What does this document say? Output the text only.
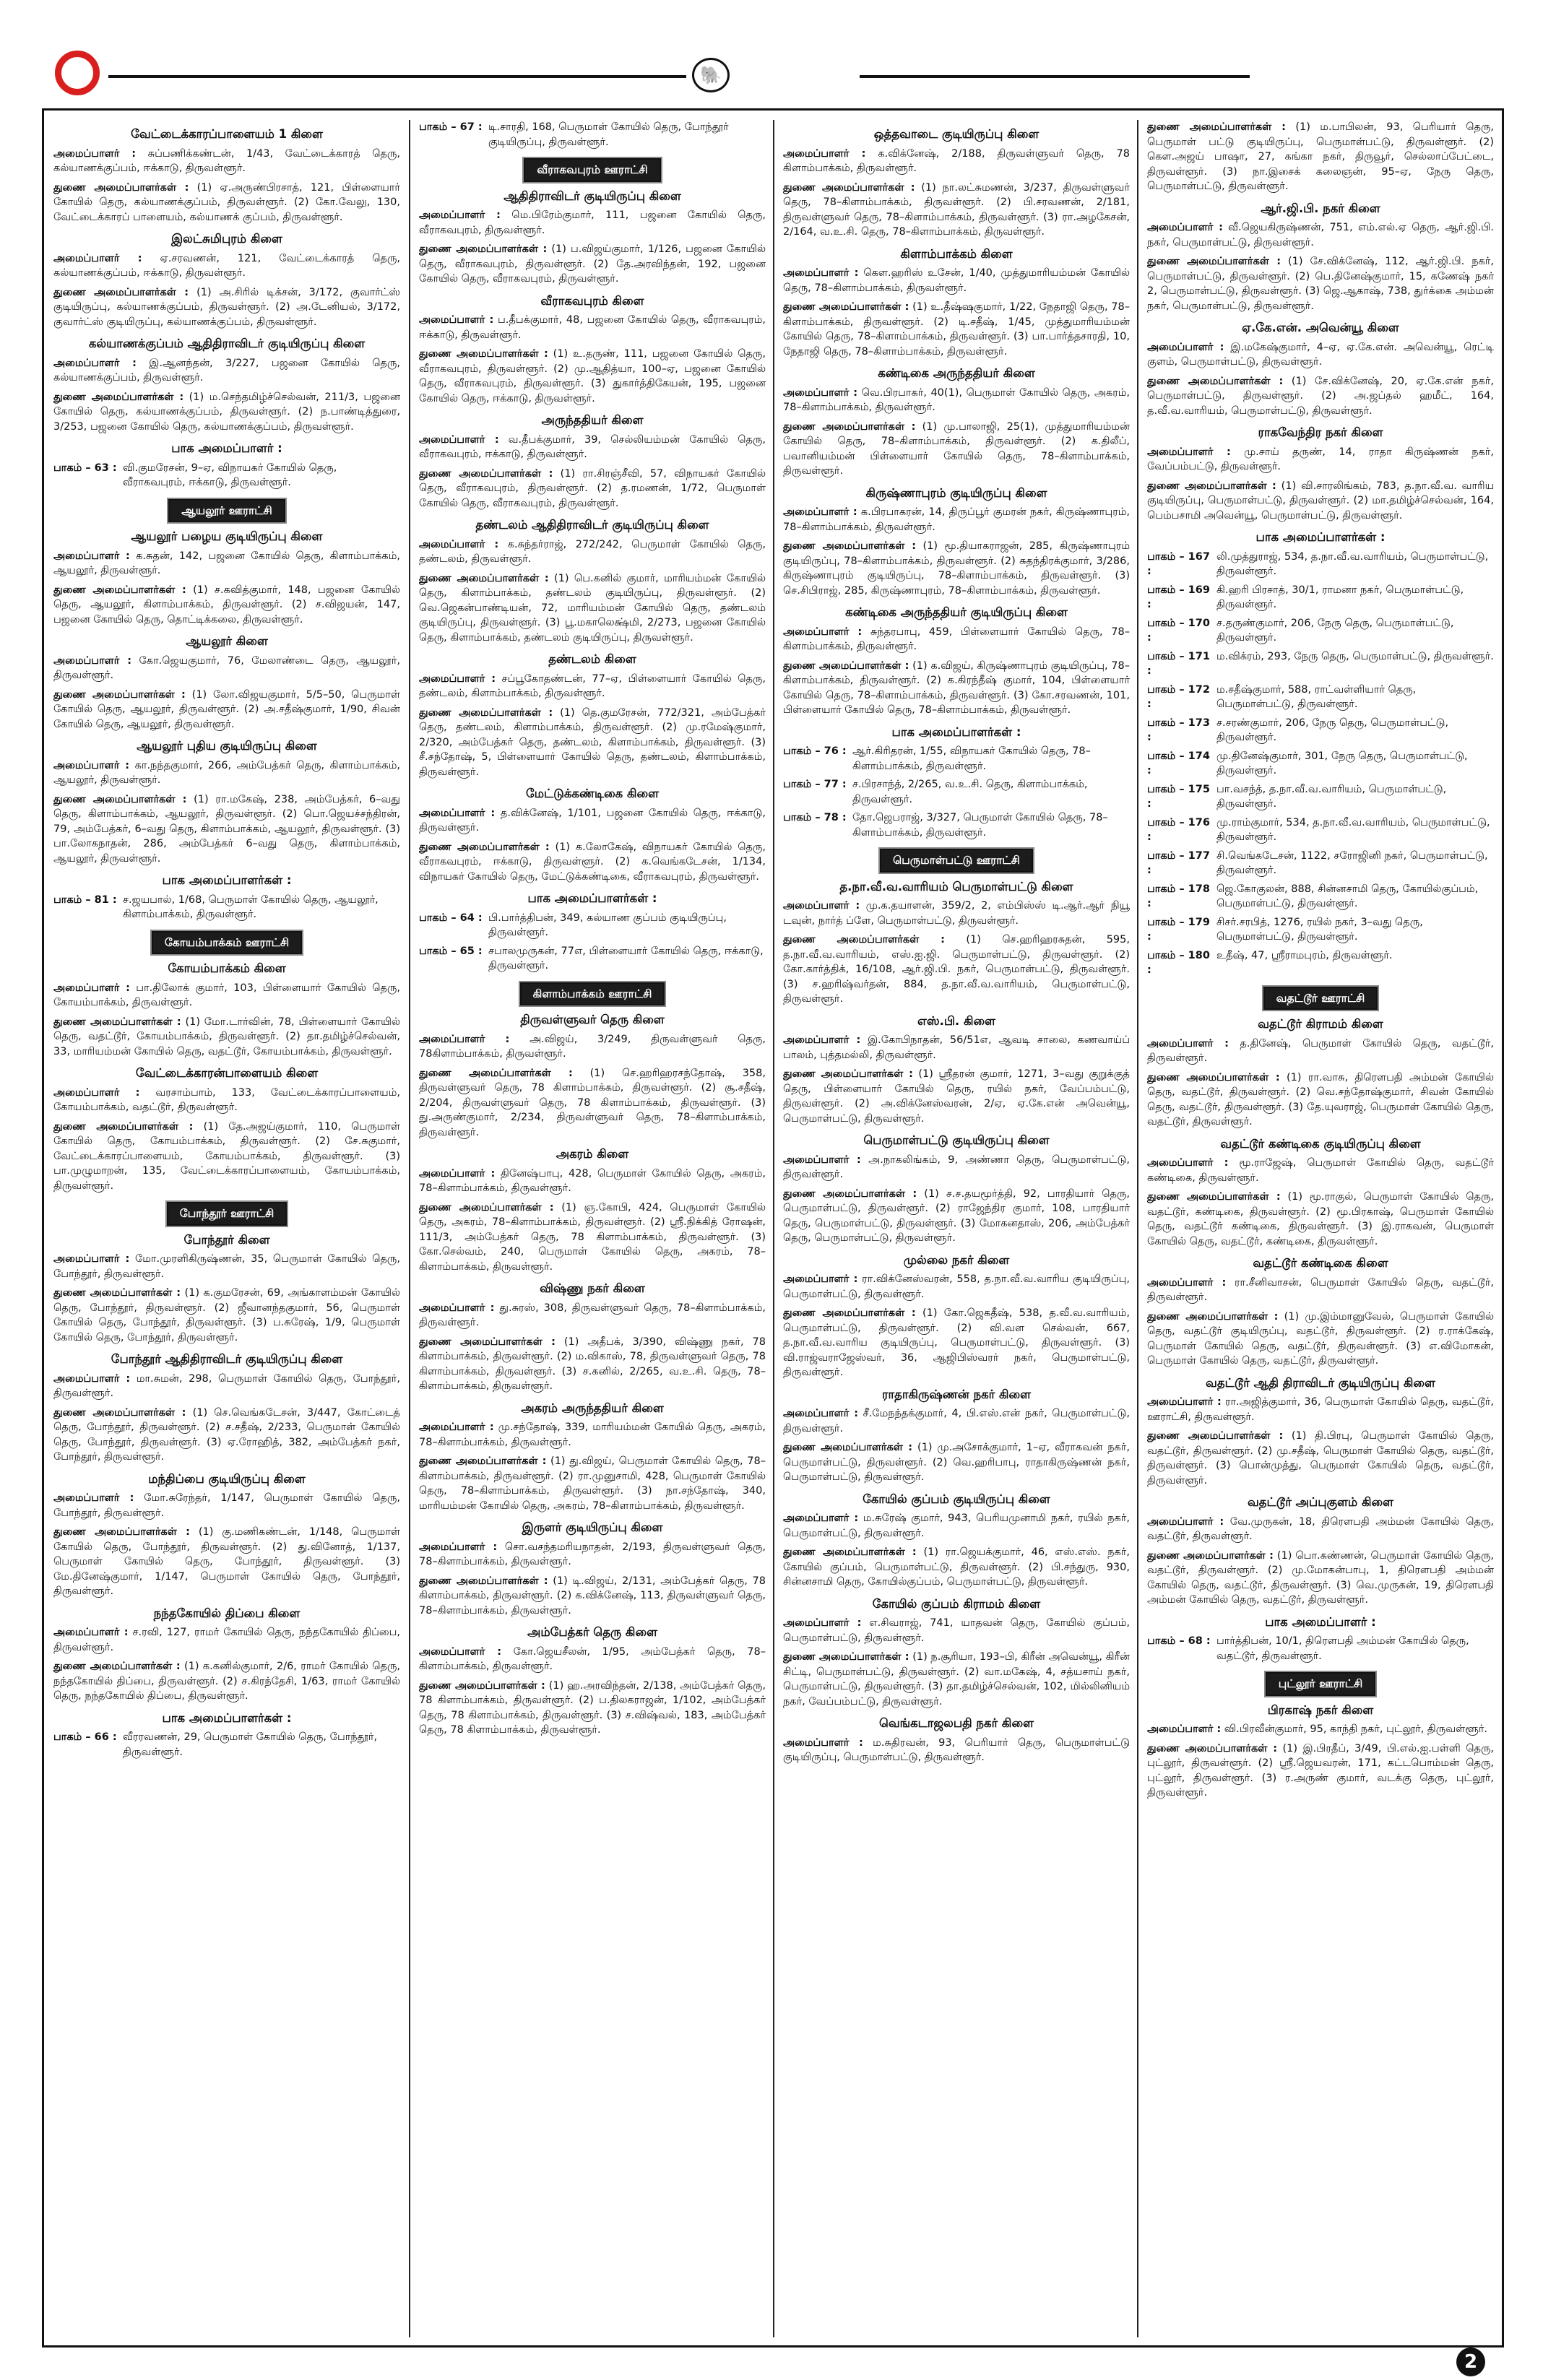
🐘
வேட்டைக்காரப்பாளையம் 1 கிளை

அமைப்பாளர் : சுப்பணிக்கண்டன், 1/43, வேட்டைக்காரத் தெரு, கல்யாணக்குப்பம், ஈக்காடு, திருவள்ளூர்.

துணை அமைப்பாளர்கள் : (1) ஏ.அருண்பிரசாத், 121, பிள்ளையார் கோயில் தெரு, கல்யாணக்குப்பம், திருவள்ளூர். (2) கோ.வேலு, 130, வேட்டைக்காரப் பாளையம், கல்யாணக் குப்பம், திருவள்ளூர்.

இலட்சுமிபுரம் கிளை

அமைப்பாளர் : ஏ.சரவணன், 121, வேட்டைக்காரத் தெரு, கல்யாணக்குப்பம், ஈக்காடு, திருவள்ளூர்.

துணை அமைப்பாளர்கள் : (1) அ.சிரில் டிக்சன், 3/172, குவார்ட்ஸ் குடியிருப்பு, கல்யாணக்குப்பம், திருவள்ளூர். (2) அ.டேனியல், 3/172, குவார்ட்ஸ் குடியிருப்பு, கல்யாணக்குப்பம், திருவள்ளூர்.

கல்யாணக்குப்பம் ஆதிதிராவிடர் குடியிருப்பு கிளை

அமைப்பாளர் : இ.ஆனந்தன், 3/227, பஜனை கோயில் தெரு, கல்யாணக்குப்பம், திருவள்ளூர்.

துணை அமைப்பாளர்கள் : (1) ம.செந்தமிழ்ச்செல்வன், 211/3, பஜனை கோயில் தெரு, கல்யாணக்குப்பம், திருவள்ளூர். (2) ந.பாண்டித்துரை, 3/253, பஜனை கோயில் தெரு, கல்யாணக்குப்பம், திருவள்ளூர்.

பாக அமைப்பாளர் :
பாகம் – 63 : வி.குமரேசன், 9–ஏ, விநாயகர் கோயில் தெரு, வீராகவபுரம், ஈக்காடு, திருவள்ளூர்.
ஆயலூர் ஊராட்சி
ஆயலூர் பழைய குடியிருப்பு கிளை

அமைப்பாளர் : க.சுதன், 142, பஜனை கோயில் தெரு, கிளாம்பாக்கம், ஆயலூர், திருவள்ளூர்.

துணை அமைப்பாளர்கள் : (1) ச.கவித்குமார், 148, பஜனை கோயில் தெரு, ஆயலூர், கிளாம்பாக்கம், திருவள்ளூர். (2) ச.விஜயன், 147, பஜனை கோயில் தெரு, தொட்டிக்கலை, திருவள்ளூர்.

ஆயலூர் கிளை

அமைப்பாளர் : கோ.ஜெயகுமார், 76, மேலாண்டை தெரு, ஆயலூர், திருவள்ளூர்.

துணை அமைப்பாளர்கள் : (1) லோ.விஜயகுமார், 5/5–50, பெருமாள் கோயில் தெரு, ஆயலூர், திருவள்ளூர். (2) அ.சதீஷ்குமார், 1/90, சிவன் கோயில் தெரு, ஆயலூர், திருவள்ளூர்.

ஆயலூர் புதிய குடியிருப்பு கிளை

அமைப்பாளர் : கா.நந்தகுமார், 266, அம்பேத்கர் தெரு, கிளாம்பாக்கம், ஆயலூர், திருவள்ளூர்.

துணை அமைப்பாளர்கள் : (1) ரா.மகேஷ், 238, அம்பேத்கர், 6–வது தெரு, கிளாம்பாக்கம், ஆயலூர், திருவள்ளூர். (2) பொ.ஜெயச்சந்திரன், 79, அம்பேத்கர், 6–வது தெரு, கிளாம்பாக்கம், ஆயலூர், திருவள்ளூர். (3) பா.லோகநாதன், 286, அம்பேத்கர் 6–வது தெரு, கிளாம்பாக்கம், ஆயலூர், திருவள்ளூர்.

பாக அமைப்பாளர்கள் :
பாகம் – 81 : ச.ஜயபால், 1/68, பெருமாள் கோயில் தெரு, ஆயலூர், கிளாம்பாக்கம், திருவள்ளூர்.
கோயம்பாக்கம் ஊராட்சி
கோயம்பாக்கம் கிளை

அமைப்பாளர் : பா.திலோக் குமார், 103, பிள்ளையார் கோயில் தெரு, கோயம்பாக்கம், திருவள்ளூர்.

துணை அமைப்பாளர்கள் : (1) மோ.டார்வின், 78, பிள்ளையார் கோயில் தெரு, வதட்டூர், கோயம்பாக்கம், திருவள்ளூர். (2) தா.தமிழ்ச்செல்வன், 33, மாரியம்மன் கோயில் தெரு, வதட்டூர், கோயம்பாக்கம், திருவள்ளூர்.

வேட்டைக்காரன்பாளையம் கிளை

அமைப்பாளர் : வரசாம்பாம், 133, வேட்டைக்காரப்பாளையம், கோயம்பாக்கம், வதட்டூர், திருவள்ளூர்.

துணை அமைப்பாளர்கள் : (1) தே.அஜய்குமார், 110, பெருமாள் கோயில் தெரு, கோயம்பாக்கம், திருவள்ளூர். (2) சே.சுகுமார், வேட்டைக்காரப்பாளையம், கோயம்பாக்கம், திருவள்ளூர். (3) பா.முழுமாறன், 135, வேட்டைக்காரப்பாளையம், கோயம்பாக்கம், திருவள்ளூர்.

போந்தூர் ஊராட்சி
போந்தூர் கிளை

அமைப்பாளர் : மோ.முரளிகிருஷ்ணன், 35, பெருமாள் கோயில் தெரு, போந்தூர், திருவள்ளூர்.

துணை அமைப்பாளர்கள் : (1) க.குமரேசன், 69, அங்காளம்மன் கோயில் தெரு, போந்தூர், திருவள்ளூர். (2) ஜீவானந்தகுமார், 56, பெருமாள் கோயில் தெரு, போந்தூர், திருவள்ளூர். (3) ப.சுரேஷ், 1/9, பெருமாள் கோயில் தெரு, போந்தூர், திருவள்ளூர்.

போந்தூர் ஆதிதிராவிடர் குடியிருப்பு கிளை

அமைப்பாளர் : மா.சுமன், 298, பெருமாள் கோயில் தெரு, போந்தூர், திருவள்ளூர்.

துணை அமைப்பாளர்கள் : (1) செ.வெங்கடேசன், 3/447, கோட்டைத் தெரு, போந்தூர், திருவள்ளூர். (2) ச.சதீஷ், 2/233, பெருமாள் கோயில் தெரு, போந்தூர், திருவள்ளூர். (3) ஏ.ரோஹித், 382, அம்பேத்கர் நகர், போந்தூர், திருவள்ளூர்.

மந்திப்பை குடியிருப்பு கிளை

அமைப்பாளர் : மோ.சுரேந்தர், 1/147, பெருமாள் கோயில் தெரு, போந்தூர், திருவள்ளூர்.

துணை அமைப்பாளர்கள் : (1) கு.மணிகண்டன், 1/148, பெருமாள் கோயில் தெரு, போந்தூர், திருவள்ளூர். (2) து.வினோத், 1/137, பெருமாள் கோயில் தெரு, போந்தூர், திருவள்ளூர். (3) மே.தினேஷ்குமார், 1/147, பெருமாள் கோயில் தெரு, போந்தூர், திருவள்ளூர்.

நந்தகோயில் திப்பை கிளை

அமைப்பாளர் : ச.ரவி, 127, ராமர் கோயில் தெரு, நந்தகோயில் திப்பை, திருவள்ளூர்.

துணை அமைப்பாளர்கள் : (1) க.கனில்குமார், 2/6, ராமர் கோயில் தெரு, நந்தகோயில் திப்பை, திருவள்ளூர். (2) ச.கிரந்தேசி, 1/63, ராமர் கோயில் தெரு, நந்தகோயில் திப்பை, திருவள்ளூர்.

பாக அமைப்பாளர்கள் :
பாகம் – 66 : வீரரவணன், 29, பெருமாள் கோயில் தெரு, போந்தூர், திருவள்ளூர்.
பாகம் – 67 : டி.சாரதி, 168, பெருமாள் கோயில் தெரு, போந்தூர் குடியிருப்பு, திருவள்ளூர்.
வீராகவபுரம் ஊராட்சி
ஆதிதிராவிடர் குடியிருப்பு கிளை

அமைப்பாளர் : மெ.பிரேம்குமார், 111, பஜனை கோயில் தெரு, வீராகவபுரம், திருவள்ளூர்.

துணை அமைப்பாளர்கள் : (1) ப.விஜய்குமார், 1/126, பஜனை கோயில் தெரு, வீராகவபுரம், திருவள்ளூர். (2) தே.அரவிந்தன், 192, பஜனை கோயில் தெரு, வீராகவபுரம், திருவள்ளூர்.

வீராகவபுரம் கிளை

அமைப்பாளர் : ப.தீபக்குமார், 48, பஜனை கோயில் தெரு, வீராகவபுரம், ஈக்காடு, திருவள்ளூர்.

துணை அமைப்பாளர்கள் : (1) உ.தருண், 111, பஜனை கோயில் தெரு, வீராகவபுரம், திருவள்ளூர். (2) மு.ஆதித்யா, 100–ஏ, பஜனை கோயில் தெரு, வீராகவபுரம், திருவள்ளூர். (3) துகார்த்திகேயன், 195, பஜனை கோயில் தெரு, ஈக்காடு, திருவள்ளூர்.

அருந்ததியர் கிளை

அமைப்பாளர் : வ.தீபக்குமார், 39, செல்லியம்மன் கோயில் தெரு, வீராகவபுரம், ஈக்காடு, திருவள்ளூர்.

துணை அமைப்பாளர்கள் : (1) ரா.சிரஞ்சீவி, 57, விநாயகர் கோயில் தெரு, வீராகவபுரம், திருவள்ளூர். (2) த.ரமணன், 1/72, பெருமாள் கோயில் தெரு, வீராகவபுரம், திருவள்ளூர்.

தண்டலம் ஆதிதிராவிடர் குடியிருப்பு கிளை

அமைப்பாளர் : க.சுந்தர்ராஜ், 272/242, பெருமாள் கோயில் தெரு, தண்டலம், திருவள்ளூர்.

துணை அமைப்பாளர்கள் : (1) பெ.கனில் குமார், மாரியம்மன் கோயில் தெரு, கிளாம்பாக்கம், தண்டலம் குடியிருப்பு, திருவள்ளூர். (2) வெ.ஜெகன்பாண்டியன், 72, மாரியம்மன் கோயில் தெரு, தண்டலம் குடியிருப்பு, திருவள்ளூர். (3) பூ.மகாலெக்ஷ்மி, 2/273, பஜனை கோயில் தெரு, கிளாம்பாக்கம், தண்டலம் குடியிருப்பு, திருவள்ளூர்.

தண்டலம் கிளை

அமைப்பாளர் : சப்பூகோதண்டன், 77–ஏ, பிள்ளையார் கோயில் தெரு, தண்டலம், கிளாம்பாக்கம், திருவள்ளூர்.

துணை அமைப்பாளர்கள் : (1) தெ.குமரேசன், 772/321, அம்பேத்கர் தெரு, தண்டலம், கிளாம்பாக்கம், திருவள்ளூர். (2) மு.ரமேஷ்குமார், 2/320, அம்பேத்கர் தெரு, தண்டலம், கிளாம்பாக்கம், திருவள்ளூர். (3) சீ.சந்தோஷ், 5, பிள்ளையார் கோயில் தெரு, தண்டலம், கிளாம்பாக்கம், திருவள்ளூர்.

மேட்டுக்கண்டிகை கிளை

அமைப்பாளர் : த.விக்னேஷ், 1/101, பஜனை கோயில் தெரு, ஈக்காடு, திருவள்ளூர்.

துணை அமைப்பாளர்கள் : (1) க.லோகேஷ், விநாயகர் கோயில் தெரு, வீராகவபுரம், ஈக்காடு, திருவள்ளூர். (2) க.வெங்கடேசன், 1/134, விநாயகர் கோயில் தெரு, மேட்டுக்கண்டிகை, வீராகவபுரம், திருவள்ளூர்.

பாக அமைப்பாளர்கள் :
பாகம் – 64 : பி.பார்த்திபன், 349, கல்யாண குப்பம் குடியிருப்பு, திருவள்ளூர்.
பாகம் – 65 : சபாலமுருகன், 77எ, பிள்ளையார் கோயில் தெரு, ஈக்காடு, திருவள்ளூர்.
கிளாம்பாக்கம் ஊராட்சி
திருவள்ளுவர் தெரு கிளை

அமைப்பாளர் : அ.விஜய், 3/249, திருவள்ளுவர் தெரு, 78கிளாம்பாக்கம், திருவள்ளூர்.

துணை அமைப்பாளர்கள் : (1) செ.ஹரிஹரசந்தோஷ், 358, திருவள்ளுவர் தெரு, 78 கிளாம்பாக்கம், திருவள்ளூர். (2) சூ.சதீஷ், 2/204, திருவள்ளுவர் தெரு, 78 கிளாம்பாக்கம், திருவள்ளூர். (3) து.அருண்குமார், 2/234, திருவள்ளுவர் தெரு, 78–கிளாம்பாக்கம், திருவள்ளூர்.

அகரம் கிளை

அமைப்பாளர் : தினேஷ்பாபு, 428, பெருமாள் கோயில் தெரு, அகரம், 78–கிளாம்பாக்கம், திருவள்ளூர்.

துணை அமைப்பாளர்கள் : (1) ஞ.கோபி, 424, பெருமாள் கோயில் தெரு, அகரம், 78–கிளாம்பாக்கம், திருவள்ளூர். (2) ஸ்ரீ.நிக்கித் ரோஷன், 111/3, அம்பேத்கர் தெரு, 78 கிளாம்பாக்கம், திருவள்ளூர். (3) கோ.செல்வம், 240, பெருமாள் கோயில் தெரு, அகரம், 78–கிளாம்பாக்கம், திருவள்ளூர்.

விஷ்ணு நகர் கிளை

அமைப்பாளர் : து.சுரஸ், 308, திருவள்ளுவர் தெரு, 78–கிளாம்பாக்கம், திருவள்ளூர்.

துணை அமைப்பாளர்கள் : (1) அதீபக், 3/390, விஷ்ணு நகர், 78 கிளாம்பாக்கம், திருவள்ளூர். (2) ம.விகாஸ், 78, திருவள்ளுவர் தெரு, 78 கிளாம்பாக்கம், திருவள்ளூர். (3) ச.கனில், 2/265, வ.உ.சி. தெரு, 78–கிளாம்பாக்கம், திருவள்ளூர்.

அகரம் அருந்ததியர் கிளை

அமைப்பாளர் : மு.சந்தோஷ், 339, மாரியம்மன் கோயில் தெரு, அகரம், 78–கிளாம்பாக்கம், திருவள்ளூர்.

துணை அமைப்பாளர்கள் : (1) து.விஜய், பெருமாள் கோயில் தெரு, 78–கிளாம்பாக்கம், திருவள்ளூர். (2) ரா.முனுசாமி, 428, பெருமாள் கோயில் தெரு, 78–கிளாம்பாக்கம், திருவள்ளூர். (3) நா.சந்தோஷ், 340, மாரியம்மன் கோயில் தெரு, அகரம், 78–கிளாம்பாக்கம், திருவள்ளூர்.

இருளர் குடியிருப்பு கிளை

அமைப்பாளர் : சொ.வசந்தமரியநாதன், 2/193, திருவள்ளுவர் தெரு, 78–கிளாம்பாக்கம், திருவள்ளூர்.

துணை அமைப்பாளர்கள் : (1) டி.விஜய், 2/131, அம்பேத்கர் தெரு, 78 கிளாம்பாக்கம், திருவள்ளூர். (2) க.விக்னேஷ், 113, திருவள்ளுவர் தெரு, 78–கிளாம்பாக்கம், திருவள்ளூர்.

அம்பேத்கர் தெரு கிளை

அமைப்பாளர் : கோ.ஜெயசீலன், 1/95, அம்பேத்கர் தெரு, 78–கிளாம்பாக்கம், திருவள்ளூர்.

துணை அமைப்பாளர்கள் : (1) ஹ.அரவிந்தன், 2/138, அம்பேத்கர் தெரு, 78 கிளாம்பாக்கம், திருவள்ளூர். (2) ப.திலகராஜன், 1/102, அம்பேத்கர் தெரு, 78 கிளாம்பாக்கம், திருவள்ளூர். (3) ச.விஷ்வல், 183, அம்பேத்கர் தெரு, 78 கிளாம்பாக்கம், திருவள்ளூர்.

ஒத்தவாடை குடியிருப்பு கிளை

அமைப்பாளர் : க.விக்னேஷ், 2/188, திருவள்ளுவர் தெரு, 78 கிளாம்பாக்கம், திருவள்ளூர்.

துணை அமைப்பாளர்கள் : (1) நா.லட்சுமணன், 3/237, திருவள்ளுவர் தெரு, 78–கிளாம்பாக்கம், திருவள்ளூர். (2) பி.சரவணன், 2/181, திருவள்ளுவர் தெரு, 78–கிளாம்பாக்கம், திருவள்ளூர். (3) ரா.அழகேசன், 2/164, வ.உ.சி. தெரு, 78–கிளாம்பாக்கம், திருவள்ளூர்.

கிளாம்பாக்கம் கிளை

அமைப்பாளர் : கௌ.ஹரிஸ் உசேன், 1/40, முத்துமாரியம்மன் கோயில் தெரு, 78–கிளாம்பாக்கம், திருவள்ளூர்.

துணை அமைப்பாளர்கள் : (1) உ.தீஷ்ஷகுமார், 1/22, நேதாஜி தெரு, 78–கிளாம்பாக்கம், திருவள்ளூர். (2) டி.சதீஷ், 1/45, முத்துமாரியம்மன் கோயில் தெரு, 78–கிளாம்பாக்கம், திருவள்ளூர். (3) பா.பார்த்தசாரதி, 10, நேதாஜி தெரு, 78–கிளாம்பாக்கம், திருவள்ளூர்.

கண்டிகை அருந்ததியர் கிளை

அமைப்பாளர் : வெ.பிரபாகர், 40(1), பெருமாள் கோயில் தெரு, அகரம், 78–கிளாம்பாக்கம், திருவள்ளூர்.

துணை அமைப்பாளர்கள் : (1) மு.பாலாஜி, 25(1), முத்துமாரியம்மன் கோயில் தெரு, 78–கிளாம்பாக்கம், திருவள்ளூர். (2) க.திலீப், பவானியம்மன் பிள்ளையார் கோயில் தெரு, 78–கிளாம்பாக்கம், திருவள்ளூர்.

கிருஷ்ணாபுரம் குடியிருப்பு கிளை

அமைப்பாளர் : க.பிரபாகரன், 14, திருப்பூர் குமரன் நகர், கிருஷ்ணாபுரம், 78–கிளாம்பாக்கம், திருவள்ளூர்.

துணை அமைப்பாளர்கள் : (1) மூ.தியாகராஜன், 285, கிருஷ்ணாபுரம் குடியிருப்பு, 78–கிளாம்பாக்கம், திருவள்ளூர். (2) சுதந்திரக்குமார், 3/286, கிருஷ்ணாபுரம் குடியிருப்பு, 78–கிளாம்பாக்கம், திருவள்ளூர். (3) செ.சிபிராஜ், 285, கிருஷ்ணாபுரம், 78–கிளாம்பாக்கம், திருவள்ளூர்.

கண்டிகை அருந்ததியர் குடியிருப்பு கிளை

அமைப்பாளர் : சுந்தரபாபு, 459, பிள்ளையார் கோயில் தெரு, 78–கிளாம்பாக்கம், திருவள்ளூர்.

துணை அமைப்பாளர்கள் : (1) க.விஜய், கிருஷ்ணாபுரம் குடியிருப்பு, 78–கிளாம்பாக்கம், திருவள்ளூர். (2) க.கிரந்தீஷ் குமார், 104, பிள்ளையார் கோயில் தெரு, 78–கிளாம்பாக்கம், திருவள்ளூர். (3) கோ.சரவணன், 101, பிள்ளையார் கோயில் தெரு, 78–கிளாம்பாக்கம், திருவள்ளூர்.

பாக அமைப்பாளர்கள் :
பாகம் – 76 : ஆர்.கிரிதரன், 1/55, விநாயகர் கோயில் தெரு, 78–கிளாம்பாக்கம், திருவள்ளூர்.
பாகம் – 77 : ச.பிரசாந்த், 2/265, வ.உ.சி. தெரு, கிளாம்பாக்கம், திருவள்ளூர்.
பாகம் – 78 : தோ.ஜெபராஜ், 3/327, பெருமாள் கோயில் தெரு, 78–கிளாம்பாக்கம், திருவள்ளூர்.
பெருமாள்பட்டு ஊராட்சி
த.நா.வீ.வ.வாரியம் பெருமாள்பட்டு கிளை

அமைப்பாளர் : மு.க.தயாளன், 359/2, 2, எம்பிஸ்ஸ் டி.ஆர்.ஆர் நியூ டவுன், நார்த் ப்ளே, பெருமாள்பட்டு, திருவள்ளூர்.

துணை அமைப்பாளர்கள் : (1) செ.ஹரிஹரசுதன், 595, த.நா.வீ.வ.வாரியம், எஸ்.ஐ.ஜி. பெருமாள்பட்டு, திருவள்ளூர். (2) கோ.கார்த்திக், 16/108, ஆர்.ஜி.பி. நகர், பெருமாள்பட்டு, திருவள்ளூர். (3) ச.ஹரிஷ்வர்தன், 884, த.நா.வீ.வ.வாரியம், பெருமாள்பட்டு, திருவள்ளூர்.

எஸ்.பி. கிளை

அமைப்பாளர் : இ.கோபிநாதன், 56/51எ, ஆவடி சாலை, கணவாய்ப் பாலம், புத்தமல்லி, திருவள்ளூர்.

துணை அமைப்பாளர்கள் : (1) ஸ்ரீதரன் குமார், 1271, 3–வது குறுக்குத் தெரு, பிள்ளையார் கோயில் தெரு, ரயில் நகர், வேப்பம்பட்டு, திருவள்ளூர். (2) அ.விக்னேஸ்வரன், 2/ஏ, ஏ.கே.என் அவென்யூ, பெருமாள்பட்டு, திருவள்ளூர்.

பெருமாள்பட்டு குடியிருப்பு கிளை

அமைப்பாளர் : அ.நாகலிங்கம், 9, அண்ணா தெரு, பெருமாள்பட்டு, திருவள்ளூர்.

துணை அமைப்பாளர்கள் : (1) ச.ச.தயமூர்த்தி, 92, பாரதியார் தெரு, பெருமாள்பட்டு, திருவள்ளூர். (2) ராஜேந்திர குமார், 108, பாரதியார் தெரு, பெருமாள்பட்டு, திருவள்ளூர். (3) மோகனதாஸ், 206, அம்பேத்கர் தெரு, பெருமாள்பட்டு, திருவள்ளூர்.

முல்லை நகர் கிளை

அமைப்பாளர் : ரா.விக்னேஸ்வரன், 558, த.நா.வீ.வ.வாரிய குடியிருப்பு, பெருமாள்பட்டு, திருவள்ளூர்.

துணை அமைப்பாளர்கள் : (1) கோ.ஜெகதீஷ், 538, த.வீ.வ.வாரியம், பெருமாள்பட்டு, திருவள்ளூர். (2) வி.வள செல்வன், 667, த.நா.வீ.வ.வாரிய குடியிருப்பு, பெருமாள்பட்டு, திருவள்ளூர். (3) வி.ராஜ்வராஜேஸ்வர், 36, ஆஜிபிஸ்வரர் நகர், பெருமாள்பட்டு, திருவள்ளூர்.

ராதாகிருஷ்ணன் நகர் கிளை

அமைப்பாளர் : சீ.மேநந்தக்குமார், 4, பி.எஸ்.என் நகர், பெருமாள்பட்டு, திருவள்ளூர்.

துணை அமைப்பாளர்கள் : (1) மு.அசோக்குமார், 1–ஏ, வீராகவன் நகர், பெருமாள்பட்டு, திருவள்ளூர். (2) வெ.ஹரிபாபு, ராதாகிருஷ்ணன் நகர், பெருமாள்பட்டு, திருவள்ளூர்.

கோயில் குப்பம் குடியிருப்பு கிளை

அமைப்பாளர் : ம.சுரேஷ் குமார், 943, பெரியமுனாமி நகர், ரயில் நகர், பெருமாள்பட்டு, திருவள்ளூர்.

துணை அமைப்பாளர்கள் : (1) ரா.ஜெயக்குமார், 46, எஸ்.எஸ். நகர், கோயில் குப்பம், பெருமாள்பட்டு, திருவள்ளூர். (2) பி.சந்துரு, 930, சின்னசாமி தெரு, கோயில்குப்பம், பெருமாள்பட்டு, திருவள்ளூர்.

கோயில் குப்பம் கிராமம் கிளை

அமைப்பாளர் : எ.சிவராஜ், 741, யாதவன் தெரு, கோயில் குப்பம், பெருமாள்பட்டு, திருவள்ளூர்.

துணை அமைப்பாளர்கள் : (1) ந.சூரியா, 193–பி, கிரீன் அவென்யூ, கிரீன் சிட்டி, பெருமாள்பட்டு, திருவள்ளூர். (2) வா.மகேஷ், 4, சத்யசாய் நகர், பெருமாள்பட்டு, திருவள்ளூர். (3) தா.தமிழ்ச்செல்வன், 102, மில்லினியம் நகர், வேப்பம்பட்டு, திருவள்ளூர்.

வெங்கடாஜலபதி நகர் கிளை

அமைப்பாளர் : ம.சுதிரவன், 93, பெரியார் தெரு, பெருமாள்பட்டு குடியிருப்பு, பெருமாள்பட்டு, திருவள்ளூர்.

துணை அமைப்பாளர்கள் : (1) ம.பாபிலன், 93, பெரியார் தெரு, பெருமாள் பட்டு குடியிருப்பு, பெருமாள்பட்டு, திருவள்ளூர். (2) கௌ.அஜய் பாஷா, 27, கங்கா நகர், திருவூர், செல்லாப்பேட்டை, திருவள்ளூர். (3) நா.இசைக் கலைஞன், 95–ஏ, நேரு தெரு, பெருமாள்பட்டு, திருவள்ளூர்.

ஆர்.ஜி.பி. நகர் கிளை

அமைப்பாளர் : வீ.ஜெயகிருஷ்ணன், 751, எம்.எல்.ஏ தெரு, ஆர்.ஜி.பி. நகர், பெருமாள்பட்டு, திருவள்ளூர்.

துணை அமைப்பாளர்கள் : (1) சே.விக்னேஷ், 112, ஆர்.ஜி.பி. நகர், பெருமாள்பட்டு, திருவள்ளூர். (2) பெ.தினேஷ்குமார், 15, கணேஷ் நகர் 2, பெருமாள்பட்டு, திருவள்ளூர். (3) ஜெ.ஆகாஷ், 738, துர்க்கை அம்மன் நகர், பெருமாள்பட்டு, திருவள்ளூர்.

ஏ.கே.என். அவென்யூ கிளை

அமைப்பாளர் : இ.மகேஷ்குமார், 4–ஏ, ஏ.கே.என். அவென்யூ, ரெட்டி குளம், பெருமாள்பட்டு, திருவள்ளூர்.

துணை அமைப்பாளர்கள் : (1) சே.விக்னேஷ், 20, ஏ.கே.என் நகர், பெருமாள்பட்டு, திருவள்ளூர். (2) அ.ஜப்தல் ஹமீட், 164, த.வீ.வ.வாரியம், பெருமாள்பட்டு, திருவள்ளூர்.

ராகவேந்திர நகர் கிளை

அமைப்பாளர் : மு.சாய் தருண், 14, ராதா கிருஷ்ணன் நகர், வேப்பம்பட்டு, திருவள்ளூர்.

துணை அமைப்பாளர்கள் : (1) வி.சாரலிங்கம், 783, த.நா.வீ.வ. வாரிய குடியிருப்பு, பெருமாள்பட்டு, திருவள்ளூர். (2) மா.தமிழ்ச்செல்வன், 164, பெம்பசாமி அவென்யூ, பெருமாள்பட்டு, திருவள்ளூர்.

பாக அமைப்பாளர்கள் :
பாகம் – 167 :
லி.முத்துராஜ், 534, த.நா.வீ.வ.வாரியம், பெருமாள்பட்டு, திருவள்ளூர்.
பாகம் – 169 :
கி.ஹரி பிரசாத், 30/1, ராமனா நகர், பெருமாள்பட்டு, திருவள்ளூர்.
பாகம் – 170 :
ச.தருண்குமார், 206, நேரு தெரு, பெருமாள்பட்டு, திருவள்ளூர்.
பாகம் – 171 :
ம.விக்ரம், 293, நேரு தெரு, பெருமாள்பட்டு, திருவள்ளூர்.
பாகம் – 172 :
ம.சதீஷ்குமார், 588, ராட்வள்ளியார் தெரு, பெருமாள்பட்டு, திருவள்ளூர்.
பாகம் – 173 :
ச.சரண்குமார், 206, நேரு தெரு, பெருமாள்பட்டு, திருவள்ளூர்.
பாகம் – 174 :
மு.தினேஷ்குமார், 301, நேரு தெரு, பெருமாள்பட்டு, திருவள்ளூர்.
பாகம் – 175 :
பா.வசந்த், த.நா.வீ.வ.வாரியம், பெருமாள்பட்டு, திருவள்ளூர்.
பாகம் – 176 :
மு.ராம்குமார், 534, த.நா.வீ.வ.வாரியம், பெருமாள்பட்டு, திருவள்ளூர்.
பாகம் – 177 :
சி.வெங்கடேசன், 1122, சரோஜினி நகர், பெருமாள்பட்டு, திருவள்ளூர்.
பாகம் – 178 :
ஜெ.கோகுலன், 888, சின்னசாமி தெரு, கோயில்குப்பம், பெருமாள்பட்டு, திருவள்ளூர்.
பாகம் – 179 :
சிசர்.சரபித், 1276, ரயில் நகர், 3–வது தெரு, பெருமாள்பட்டு, திருவள்ளூர்.
பாகம் – 180 :
உதீஷ், 47, ஸ்ரீராமபுரம், திருவள்ளூர்.
வதட்டூர் ஊராட்சி
வதட்டூர் கிராமம் கிளை

அமைப்பாளர் : த.தினேஷ், பெருமாள் கோயில் தெரு, வதட்டூர், திருவள்ளூர்.

துணை அமைப்பாளர்கள் : (1) ரா.வாசு, திரௌபதி அம்மன் கோயில் தெரு, வதட்டூர், திருவள்ளூர். (2) வெ.சந்தோஷ்குமார், சிவன் கோயில் தெரு, வதட்டூர், திருவள்ளூர். (3) தே.யுவராஜ், பெருமாள் கோயில் தெரு, வதட்டூர், திருவள்ளூர்.

வதட்டூர் கண்டிகை குடியிருப்பு கிளை

அமைப்பாளர் : மூ.ராஜேஷ், பெருமாள் கோயில் தெரு, வதட்டூர் கண்டிகை, திருவள்ளூர்.

துணை அமைப்பாளர்கள் : (1) மூ.ராகுல், பெருமாள் கோயில் தெரு, வதட்டூர், கண்டிகை, திருவள்ளூர். (2) மூ.பிரகாஷ், பெருமாள் கோயில் தெரு, வதட்டூர் கண்டிகை, திருவள்ளூர். (3) இ.ராகவன், பெருமாள் கோயில் தெரு, வதட்டூர், கண்டிகை, திருவள்ளூர்.

வதட்டூர் கண்டிகை கிளை

அமைப்பாளர் : ரா.சீனிவாசன், பெருமாள் கோயில் தெரு, வதட்டூர், திருவள்ளூர்.

துணை அமைப்பாளர்கள் : (1) மு.இம்மானுவேல், பெருமாள் கோயில் தெரு, வதட்டூர் குடியிருப்பு, வதட்டூர், திருவள்ளூர். (2) ர.ராக்கேஷ், பெருமாள் கோயில் தெரு, வதட்டூர், திருவள்ளூர். (3) எ.விமோகன், பெருமாள் கோயில் தெரு, வதட்டூர், திருவள்ளூர்.

வதட்டூர் ஆதி திராவிடர் குடியிருப்பு கிளை

அமைப்பாளர் : ரா.அஜித்குமார், 36, பெருமாள் கோயில் தெரு, வதட்டூர், ஊராட்சி, திருவள்ளூர்.

துணை அமைப்பாளர்கள் : (1) தி.பிரபு, பெருமாள் கோயில் தெரு, வதட்டூர், திருவள்ளூர். (2) மு.சதீஷ், பெருமாள் கோயில் தெரு, வதட்டூர், திருவள்ளூர். (3) பொன்முத்து, பெருமாள் கோயில் தெரு, வதட்டூர், திருவள்ளூர்.

வதட்டூர் அப்புகுளம் கிளை

அமைப்பாளர் : வே.முருகன், 18, திரௌபதி அம்மன் கோயில் தெரு, வதட்டூர், திருவள்ளூர்.

துணை அமைப்பாளர்கள் : (1) பொ.கண்ணன், பெருமாள் கோயில் தெரு, வதட்டூர், திருவள்ளூர். (2) மு.மோகன்பாபு, 1, திரௌபதி அம்மன் கோயில் தெரு, வதட்டூர், திருவள்ளூர். (3) வெ.முருகன், 19, திரௌபதி அம்மன் கோயில் தெரு, வதட்டூர், திருவள்ளூர்.

பாக அமைப்பாளர் :
பாகம் – 68 : பார்த்திபன், 10/1, திரௌபதி அம்மன் கோயில் தெரு, வதட்டூர், திருவள்ளூர்.
புட்லூர் ஊராட்சி
பிரகாஷ் நகர் கிளை

அமைப்பாளர் : வி.பிரவீன்குமார், 95, காந்தி நகர், புட்லூர், திருவள்ளூர்.

துணை அமைப்பாளர்கள் : (1) இ.பிரதீப், 3/49, பி.எல்.ஐ.பள்ளி தெரு, புட்லூர், திருவள்ளூர். (2) ஸ்ரீ.ஜெயவரன், 171, கட்டபொம்மன் தெரு, புட்லூர், திருவள்ளூர். (3) ர.அருண் குமார், வடக்கு தெரு, புட்லூர், திருவள்ளூர்.

2
